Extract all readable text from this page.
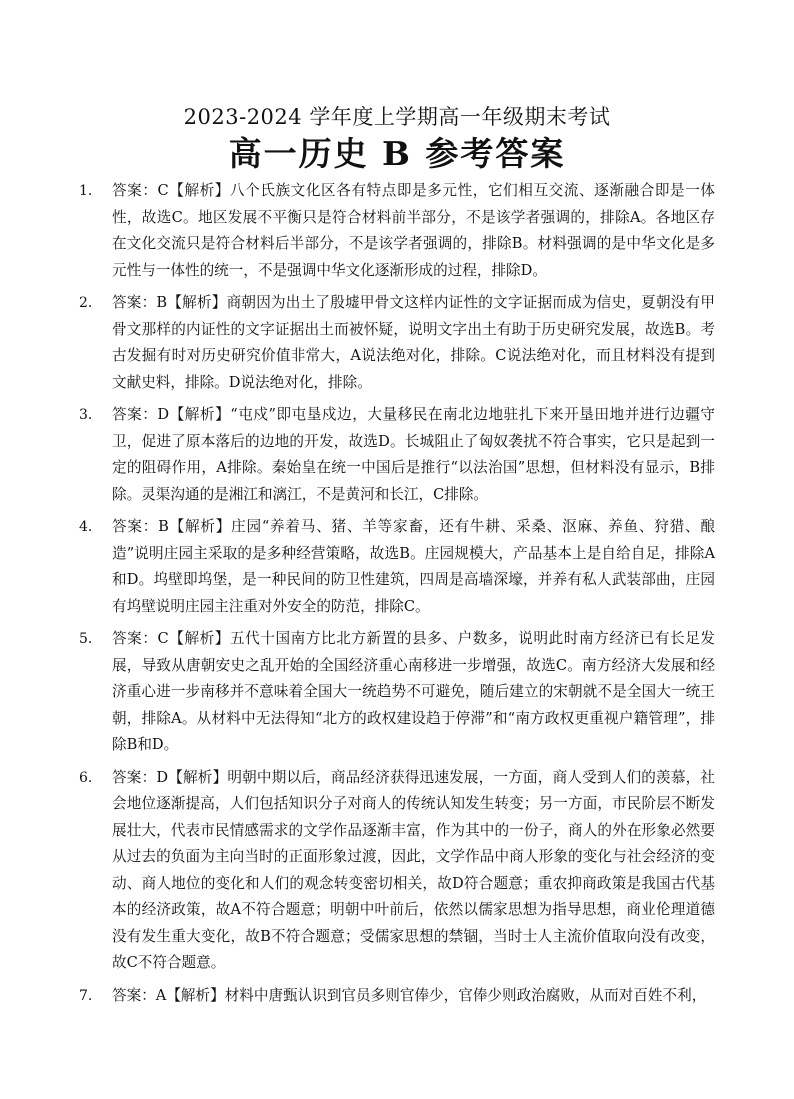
2023-2024 学年度上学期高一年级期末考试
高一历史 B 参考答案
1.	答案：C【解析】八个氏族文化区各有特点即是多元性，它们相互交流、逐渐融合即是一体性，故选C。地区发展不平衡只是符合材料前半部分，不是该学者强调的，排除A。各地区存在文化交流只是符合材料后半部分，不是该学者强调的，排除B。材料强调的是中华文化是多元性与一体性的统一，不是强调中华文化逐渐形成的过程，排除D。
2.	答案：B【解析】商朝因为出土了殷墟甲骨文这样内证性的文字证据而成为信史，夏朝没有甲骨文那样的内证性的文字证据出土而被怀疑，说明文字出土有助于历史研究发展，故选B。考古发掘有时对历史研究价值非常大，A说法绝对化，排除。C说法绝对化，而且材料没有提到文献史料，排除。D说法绝对化，排除。
3.	答案：D【解析】“屯戍”即屯垦戍边，大量移民在南北边地驻扎下来开垦田地并进行边疆守卫，促进了原本落后的边地的开发，故选D。长城阻止了匈奴袭扰不符合事实，它只是起到一定的阻碍作用，A排除。秦始皇在统一中国后是推行“以法治国”思想，但材料没有显示，B排除。灵渠沟通的是湘江和漓江，不是黄河和长江，C排除。
4.	答案：B【解析】庄园“养着马、猪、羊等家畜，还有牛耕、采桑、沤麻、养鱼、狩猎、酿造”说明庄园主采取的是多种经营策略，故选B。庄园规模大，产品基本上是自给自足，排除A和D。坞壁即坞堡，是一种民间的防卫性建筑，四周是高墙深壕，并养有私人武装部曲，庄园有坞壁说明庄园主注重对外安全的防范，排除C。
5.	答案：C【解析】五代十国南方比北方新置的县多、户数多，说明此时南方经济已有长足发展，导致从唐朝安史之乱开始的全国经济重心南移进一步增强，故选C。南方经济大发展和经济重心进一步南移并不意味着全国大一统趋势不可避免，随后建立的宋朝就不是全国大一统王朝，排除A。从材料中无法得知“北方的政权建设趋于停滞”和“南方政权更重视户籍管理”，排除B和D。
6.	答案：D【解析】明朝中期以后，商品经济获得迅速发展，一方面，商人受到人们的羡慕，社会地位逐渐提高，人们包括知识分子对商人的传统认知发生转变；另一方面，市民阶层不断发展壮大，代表市民情感需求的文学作品逐渐丰富，作为其中的一份子，商人的外在形象必然要从过去的负面为主向当时的正面形象过渡，因此，文学作品中商人形象的变化与社会经济的变动、商人地位的变化和人们的观念转变密切相关，故D符合题意；重农抑商政策是我国古代基本的经济政策，故A不符合题意；明朝中叶前后，依然以儒家思想为指导思想，商业伦理道德没有发生重大变化，故B不符合题意；受儒家思想的禁锢，当时士人主流价值取向没有改变，故C不符合题意。
7.	答案：A【解析】材料中唐甄认识到官员多则官俸少，官俸少则政治腐败，从而对百姓不利，
